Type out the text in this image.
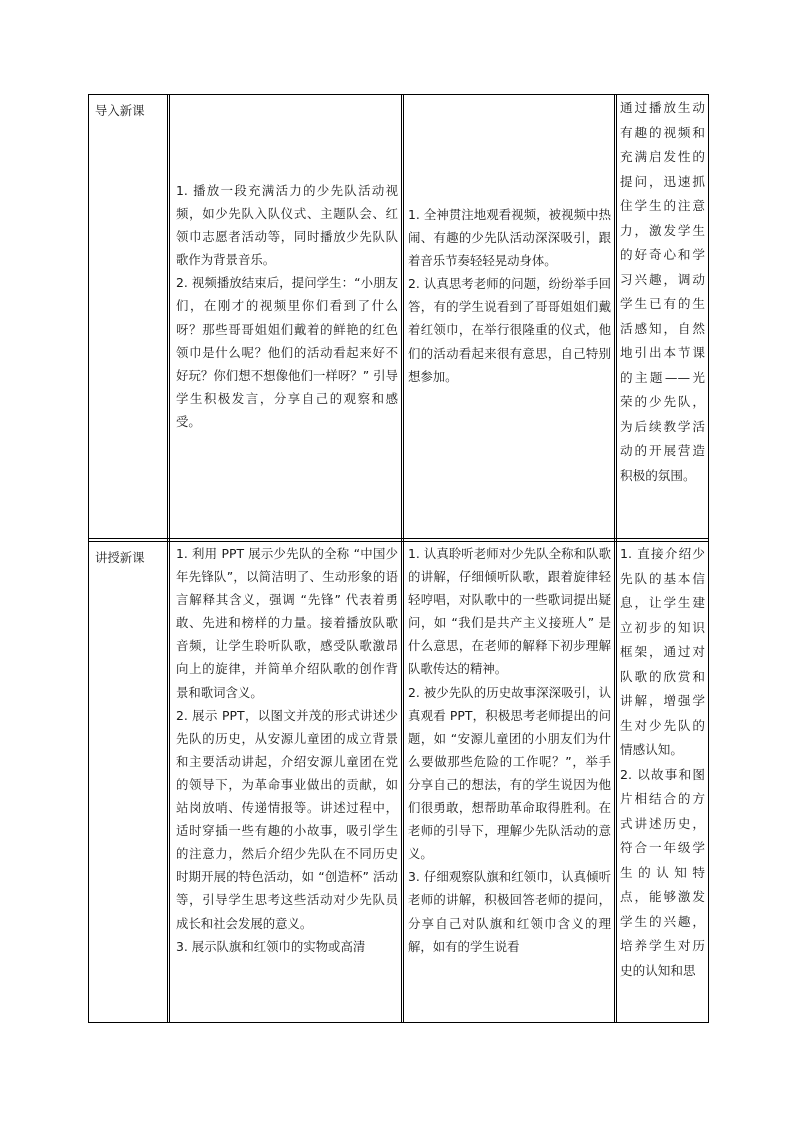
导入新课

1. 播放一段充满活力的少先队活动视频，如少先队入队仪式、主题队会、红领巾志愿者活动等，同时播放少先队队歌作为背景音乐。

2. 视频播放结束后，提问学生：“小朋友们，在刚才的视频里你们看到了什么呀？那些哥哥姐姐们戴着的鲜艳的红色领巾是什么呢？他们的活动看起来好不好玩？你们想不想像他们一样呀？” 引导学生积极发言，分享自己的观察和感受。

1. 全神贯注地观看视频，被视频中热闹、有趣的少先队活动深深吸引，跟着音乐节奏轻轻晃动身体。

2. 认真思考老师的问题，纷纷举手回答，有的学生说看到了哥哥姐姐们戴着红领巾，在举行很隆重的仪式，他们的活动看起来很有意思，自己特别想参加。

通过播放生动有趣的视频和充满启发性的提问，迅速抓住学生的注意力，激发学生的好奇心和学习兴趣，调动学生已有的生活感知，自然地引出本节课的主题——光荣的少先队，为后续教学活动的开展营造积极的氛围。

讲授新课	1. 利用 PPT 展示少先队的全称 “中国少年先锋队”，以简洁明了、生动形象的语言解释其含义，强调 “先锋” 代表着勇敢、先进和榜样的力量。接着播放队歌音频，让学生聆听队歌，感受队歌激昂向上的旋律，并简单介绍队歌的创作背景和歌词含义。

2. 展示 PPT，以图文并茂的形式讲述少先队的历史，从安源儿童团的成立背景和主要活动讲起，介绍安源儿童团在党的领导下，为革命事业做出的贡献，如站岗放哨、传递情报等。讲述过程中，适时穿插一些有趣的小故事，吸引学生的注意力，然后介绍少先队在不同历史时期开展的特色活动，如 “创造杯” 活动等，引导学生思考这些活动对少先队员成长和社会发展的意义。

3. 展示队旗和红领巾的实物或高清

1. 认真聆听老师对少先队全称和队歌的讲解，仔细倾听队歌，跟着旋律轻轻哼唱，对队歌中的一些歌词提出疑问，如 “我们是共产主义接班人” 是什么意思，在老师的解释下初步理解队歌传达的精神。

2. 被少先队的历史故事深深吸引，认真观看 PPT，积极思考老师提出的问题，如 “安源儿童团的小朋友们为什么要做那些危险的工作呢？”，举手分享自己的想法，有的学生说因为他们很勇敢，想帮助革命取得胜利。在老师的引导下，理解少先队活动的意义。

3. 仔细观察队旗和红领巾，认真倾听老师的讲解，积极回答老师的提问，分享自己对队旗和红领巾含义的理解，如有的学生说看

1. 直接介绍少先队的基本信息，让学生建立初步的知识框架，通过对队歌的欣赏和讲解，增强学生对少先队的情感认知。

2. 以故事和图片相结合的方式讲述历史，符合一年级学生的认知特点，能够激发学生的兴趣，培养学生对历史的认知和思
